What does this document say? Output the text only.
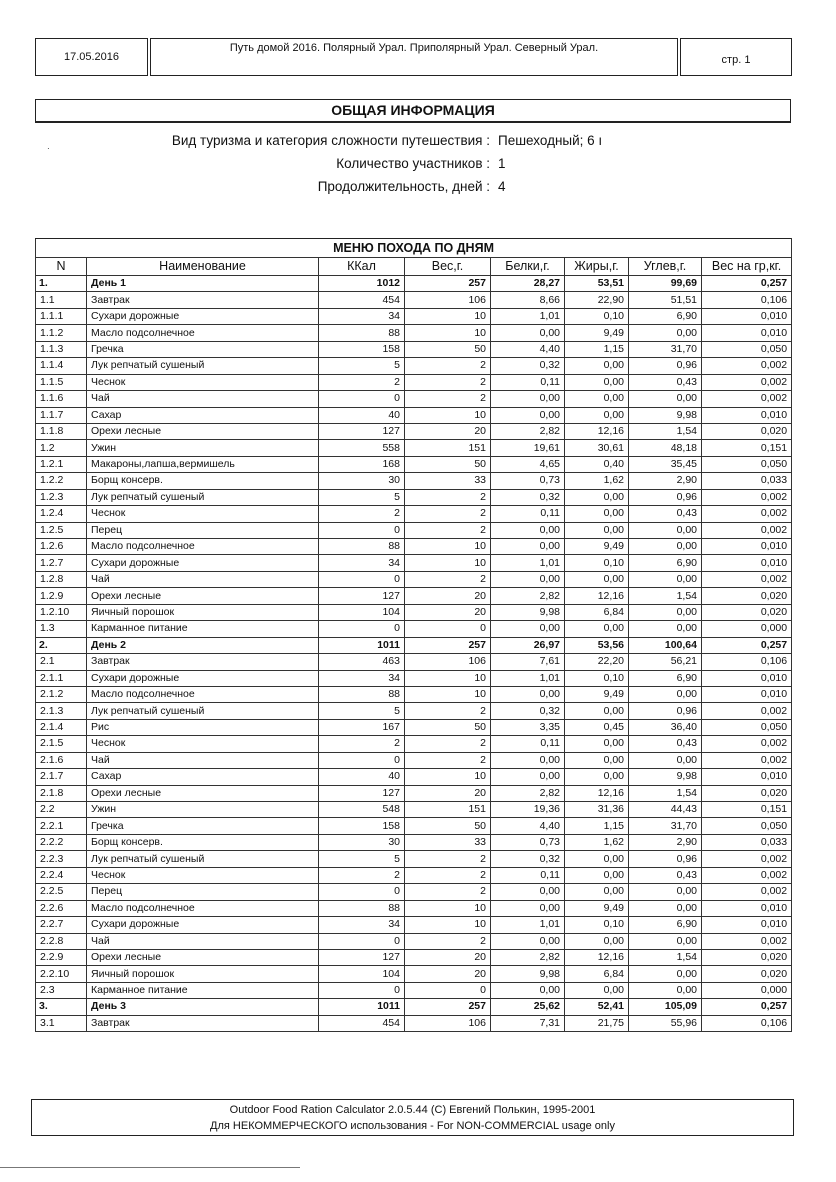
17.05.2016
Путь домой 2016. Полярный Урал. Приполярный Урал. Северный Урал.
стр. 1
ОБЩАЯ ИНФОРМАЦИЯ
·
Вид туризма и категория сложности путешествия : Пешеходный; 6 ı
Количество участников : 1
Продолжительность, дней : 4
МЕНЮ ПОХОДА ПО ДНЯМ							
N	Наименование	ККал	Вес,г.	Белки,г.	Жиры,г.	Углев,г.	Вес на гр,кг.
1.	День 1	1012	257	28,27	53,51	99,69	0,257
1.1	Завтрак	454	106	8,66	22,90	51,51	0,106
1.1.1	Сухари дорожные	34	10	1,01	0,10	6,90	0,010
1.1.2	Масло подсолнечное	88	10	0,00	9,49	0,00	0,010
1.1.3	Гречка	158	50	4,40	1,15	31,70	0,050
1.1.4	Лук репчатый сушеный	5	2	0,32	0,00	0,96	0,002
1.1.5	Чеснок	2	2	0,11	0,00	0,43	0,002
1.1.6	Чай	0	2	0,00	0,00	0,00	0,002
1.1.7	Сахар	40	10	0,00	0,00	9,98	0,010
1.1.8	Орехи лесные	127	20	2,82	12,16	1,54	0,020
1.2	Ужин	558	151	19,61	30,61	48,18	0,151
1.2.1	Макароны,лапша,вермишель	168	50	4,65	0,40	35,45	0,050
1.2.2	Борщ консерв.	30	33	0,73	1,62	2,90	0,033
1.2.3	Лук репчатый сушеный	5	2	0,32	0,00	0,96	0,002
1.2.4	Чеснок	2	2	0,11	0,00	0,43	0,002
1.2.5	Перец	0	2	0,00	0,00	0,00	0,002
1.2.6	Масло подсолнечное	88	10	0,00	9,49	0,00	0,010
1.2.7	Сухари дорожные	34	10	1,01	0,10	6,90	0,010
1.2.8	Чай	0	2	0,00	0,00	0,00	0,002
1.2.9	Орехи лесные	127	20	2,82	12,16	1,54	0,020
1.2.10	Яичный порошок	104	20	9,98	6,84	0,00	0,020
1.3	Карманное питание	0	0	0,00	0,00	0,00	0,000
2.	День 2	1011	257	26,97	53,56	100,64	0,257
2.1	Завтрак	463	106	7,61	22,20	56,21	0,106
2.1.1	Сухари дорожные	34	10	1,01	0,10	6,90	0,010
2.1.2	Масло подсолнечное	88	10	0,00	9,49	0,00	0,010
2.1.3	Лук репчатый сушеный	5	2	0,32	0,00	0,96	0,002
2.1.4	Рис	167	50	3,35	0,45	36,40	0,050
2.1.5	Чеснок	2	2	0,11	0,00	0,43	0,002
2.1.6	Чай	0	2	0,00	0,00	0,00	0,002
2.1.7	Сахар	40	10	0,00	0,00	9,98	0,010
2.1.8	Орехи лесные	127	20	2,82	12,16	1,54	0,020
2.2	Ужин	548	151	19,36	31,36	44,43	0,151
2.2.1	Гречка	158	50	4,40	1,15	31,70	0,050
2.2.2	Борщ консерв.	30	33	0,73	1,62	2,90	0,033
2.2.3	Лук репчатый сушеный	5	2	0,32	0,00	0,96	0,002
2.2.4	Чеснок	2	2	0,11	0,00	0,43	0,002
2.2.5	Перец	0	2	0,00	0,00	0,00	0,002
2.2.6	Масло подсолнечное	88	10	0,00	9,49	0,00	0,010
2.2.7	Сухари дорожные	34	10	1,01	0,10	6,90	0,010
2.2.8	Чай	0	2	0,00	0,00	0,00	0,002
2.2.9	Орехи лесные	127	20	2,82	12,16	1,54	0,020
2.2.10	Яичный порошок	104	20	9,98	6,84	0,00	0,020
2.3	Карманное питание	0	0	0,00	0,00	0,00	0,000
3.	День 3	1011	257	25,62	52,41	105,09	0,257
3.1	Завтрак	454	106	7,31	21,75	55,96	0,106
Outdoor Food Ration Calculator 2.0.5.44 (C) Евгений Полькин, 1995-2001
Для НЕКОММЕРЧЕСКОГО использования - For NON-COMMERCIAL usage only
